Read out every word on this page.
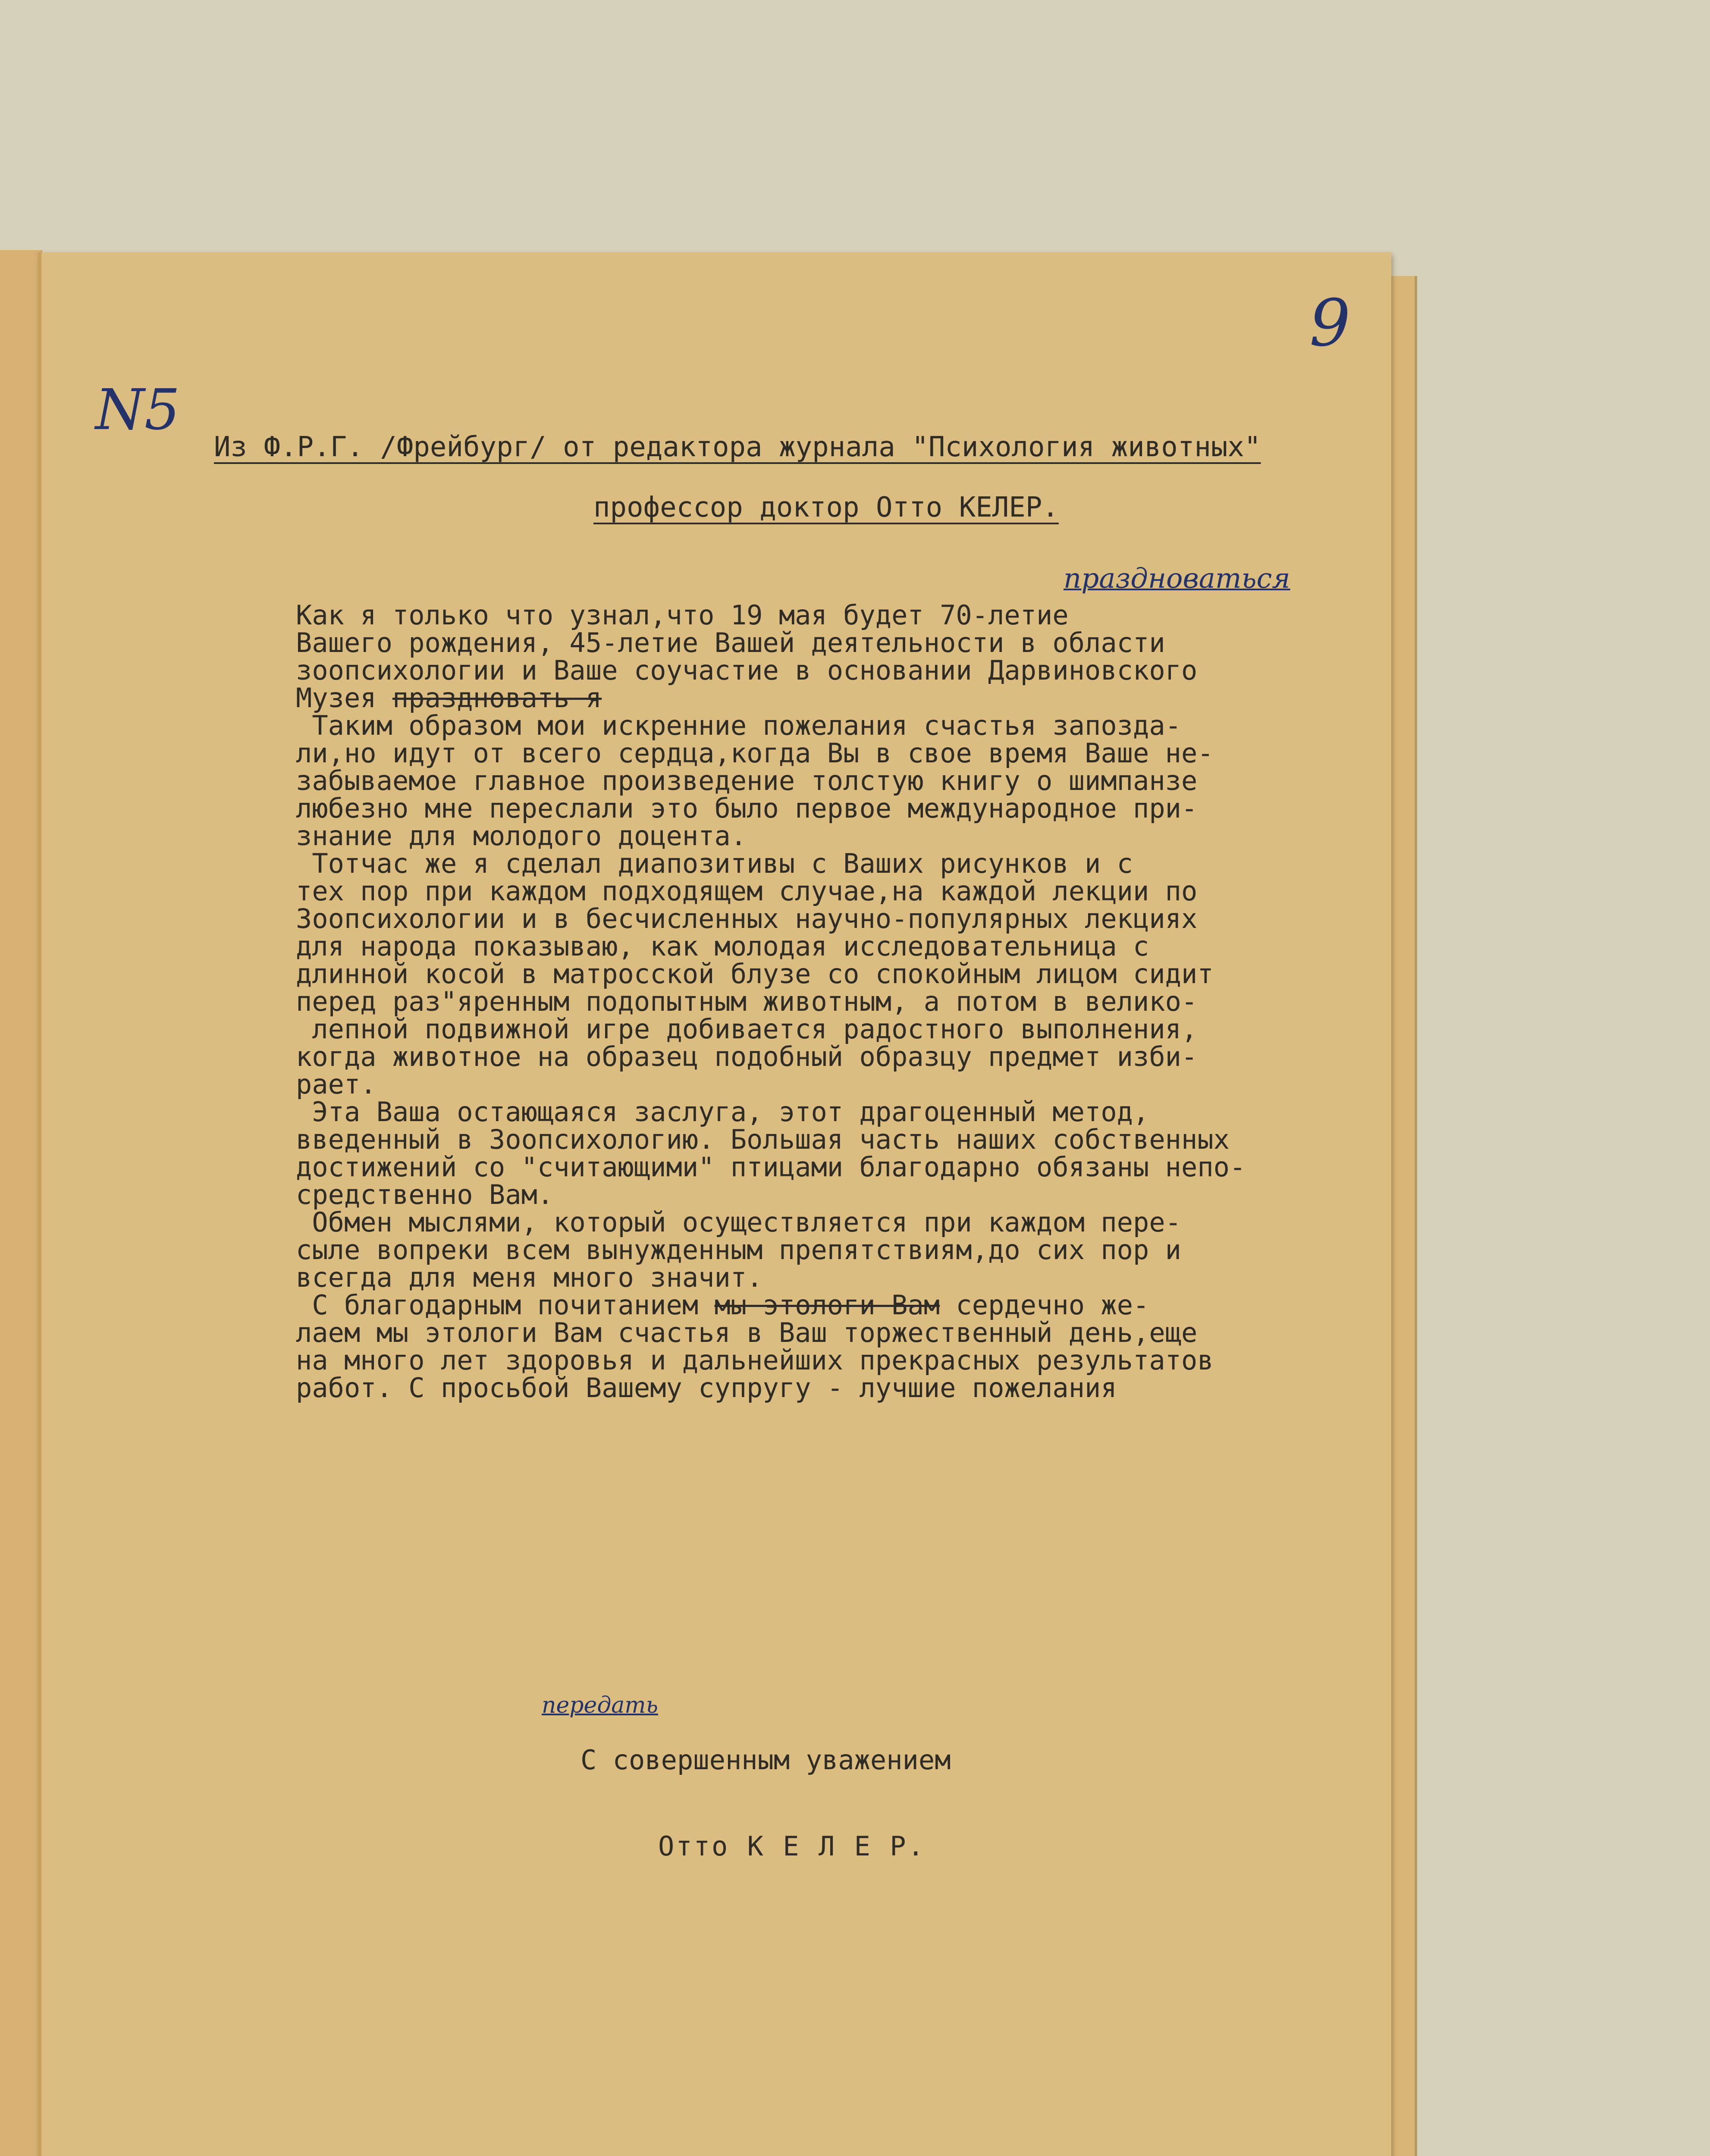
9
N5
Из Ф.Р.Г. /Фрейбург/ от редактора журнала "Психология животных"
профессор доктор Отто КЕЛЕР.
праздноваться
Как я только что узнал,что 19 мая будет 70-летие
Вашего рождения, 45-летие Вашей деятельности в области
зоопсихологии и Ваше соучастие в основании Дарвиновского
Музея праздновать я
Таким образом мои искренние пожелания счастья запозда-
ли,но идут от всего сердца,когда Вы в свое время Ваше не-
забываемое главное произведение толстую книгу о шимпанзе
любезно мне переслали это было первое международное при-
знание для молодого доцента.
Тотчас же я сделал диапозитивы с Ваших рисунков и с
тех пор при каждом подходящем случае,на каждой лекции по
Зоопсихологии и в бесчисленных научно-популярных лекциях
для народа показываю, как молодая исследовательница с
длинной косой в матросской блузе со спокойным лицом сидит
перед раз"яренным подопытным животным, а потом в велико-
лепной подвижной игре добивается радостного выполнения,
когда животное на образец подобный образцу предмет изби-
рает.
Эта Ваша остающаяся заслуга, этот драгоценный метод,
введенный в Зоопсихологию. Большая часть наших собственных
достижений со "считающими" птицами благодарно обязаны непо-
средственно Вам.
Обмен мыслями, который осуществляется при каждом пере-
сыле вопреки всем вынужденным препятствиям,до сих пор и
всегда для меня много значит.
С благодарным почитанием мы этологи Вам сердечно же-
лаем мы этологи Вам счастья в Ваш торжественный день,еще
на много лет здоровья и дальнейших прекрасных результатов
работ. С просьбой Вашему супругу - лучшие пожелания
передать
С совершенным уважением
Отто К Е Л Е Р.
